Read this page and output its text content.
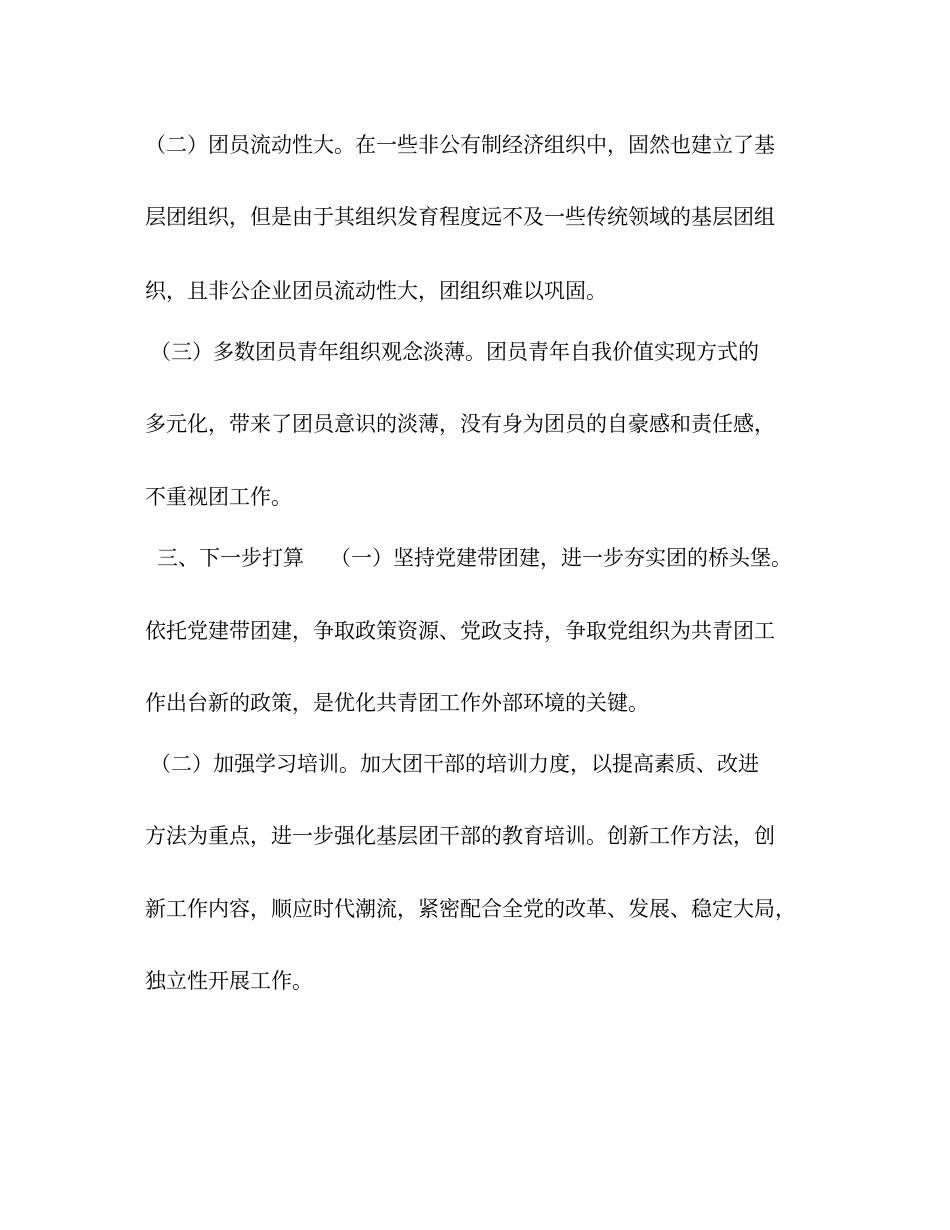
（二）团员流动性大。在一些非公有制经济组织中，固然也建立了基
层团组织，但是由于其组织发育程度远不及一些传统领域的基层团组
织，且非公企业团员流动性大，团组织难以巩固。
（三）多数团员青年组织观念淡薄。团员青年自我价值实现方式的
多元化，带来了团员意识的淡薄，没有身为团员的自豪感和责任感，
不重视团工作。
三、下一步打算 （一）坚持党建带团建，进一步夯实团的桥头堡。
依托党建带团建，争取政策资源、党政支持，争取党组织为共青团工
作出台新的政策，是优化共青团工作外部环境的关键。
（二）加强学习培训。加大团干部的培训力度，以提高素质、改进
方法为重点，进一步强化基层团干部的教育培训。创新工作方法，创
新工作内容，顺应时代潮流，紧密配合全党的改革、发展、稳定大局，
独立性开展工作。
